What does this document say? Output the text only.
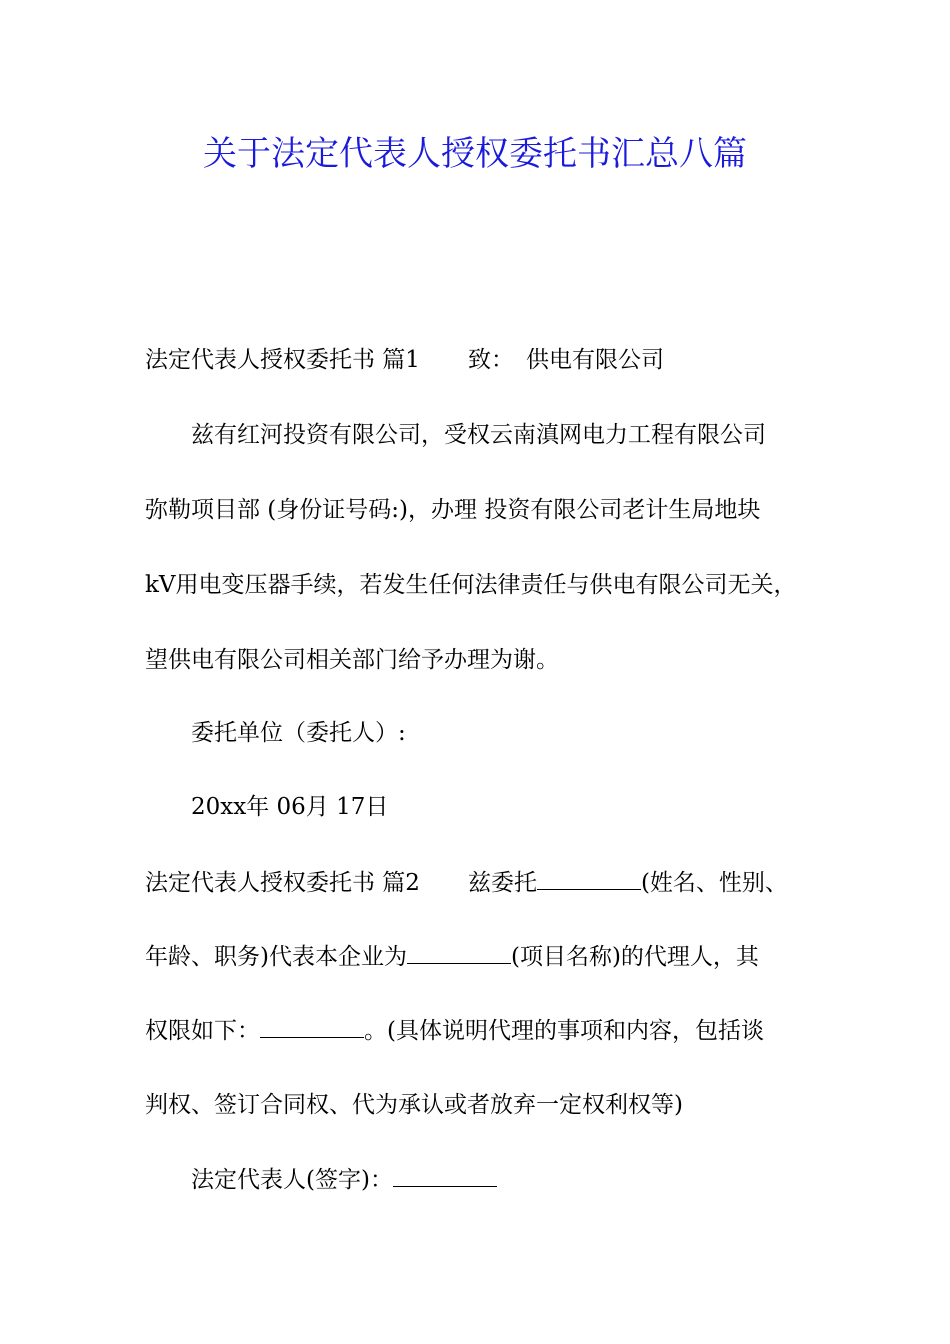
关于法定代表人授权委托书汇总八篇

法定代表人授权委托书 篇1 致： 供电有限公司

兹有红河投资有限公司，受权云南滇网电力工程有限公司

弥勒项目部 (身份证号码:)，办理 投资有限公司老计生局地块

kV用电变压器手续，若发生任何法律责任与供电有限公司无关，

望供电有限公司相关部门给予办理为谢。

委托单位（委托人）:

20xx年 06月 17日

法定代表人授权委托书 篇2 兹委托	(姓名、性别、

年龄、职务)代表本企业为	(项目名称)的代理人，其

权限如下：	。(具体说明代理的事项和内容，包括谈

判权、签订合同权、代为承认或者放弃一定权利权等)

法定代表人(签字)：
